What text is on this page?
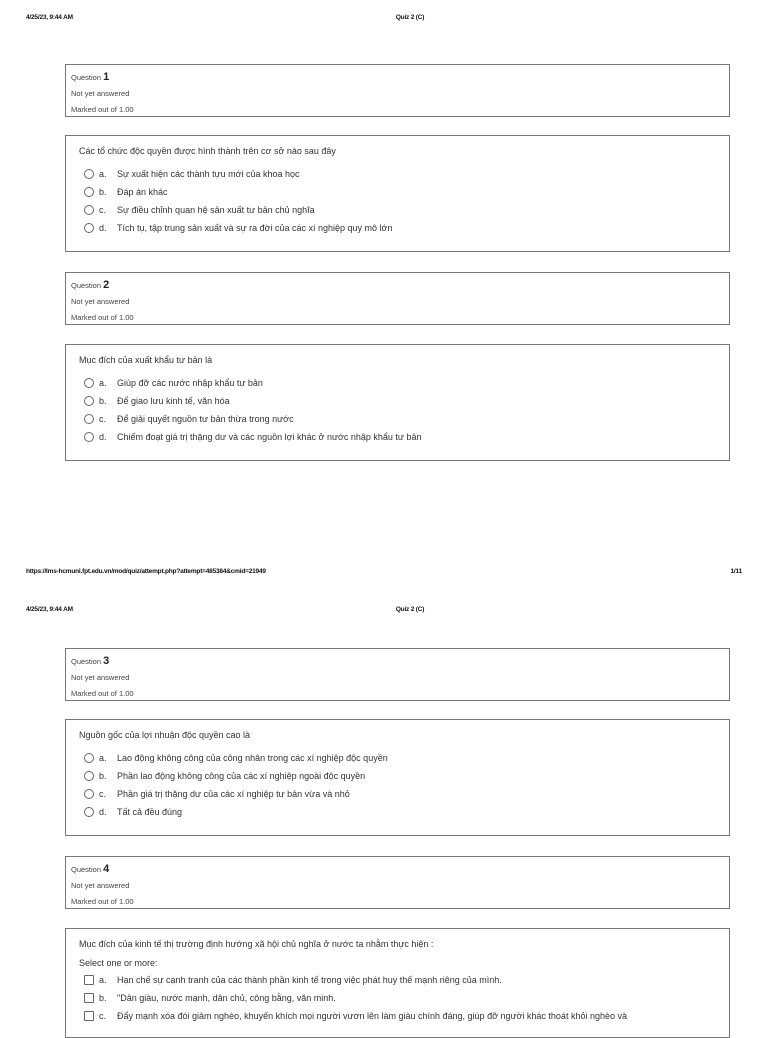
4/25/23, 9:44 AM	Quiz 2 (C)
Question 1
Not yet answered
Marked out of 1.00
Các tổ chức độc quyền được hình thành trên cơ sở nào sau đây
a. Sự xuất hiện các thành tựu mới của khoa học
b. Đáp án khác
c. Sự điều chỉnh quan hệ sản xuất tư bản chủ nghĩa
d. Tích tụ, tập trung sản xuất và sự ra đời của các xí nghiệp quy mô lớn
Question 2
Not yet answered
Marked out of 1.00
Mục đích của xuất khẩu tư bản là
a. Giúp đỡ các nước nhập khẩu tư bản
b. Để giao lưu kinh tế, văn hóa
c. Để giải quyết nguồn tư bản thừa trong nước
d. Chiếm đoạt giá trị thặng dư và các nguồn lợi khác ở nước nhập khẩu tư bản
https://lms-hcmuni.fpt.edu.vn/mod/quiz/attempt.php?attempt=485384&cmid=21949	1/11
4/25/23, 9:44 AM	Quiz 2 (C)
Question 3
Not yet answered
Marked out of 1.00
Nguồn gốc của lợi nhuận độc quyền cao là
a. Lao động không công của công nhân trong các xí nghiệp độc quyền
b. Phần lao động không công của các xí nghiệp ngoài độc quyền
c. Phần giá trị thặng dư của các xí nghiệp tư bản vừa và nhỏ
d. Tất cả đều đúng
Question 4
Not yet answered
Marked out of 1.00
Mục đích của kinh tế thị trường định hướng xã hội chủ nghĩa ở nước ta nhằm thực hiện :
Select one or more:
a. Hạn chế sự cạnh tranh của các thành phần kinh tế trong việc phát huy thế mạnh riêng của mình.
b. "Dân giàu, nước mạnh, dân chủ, công bằng, văn minh.
c. Đẩy mạnh xóa đói giảm nghèo, khuyến khích mọi người vươn lên làm giàu chính đáng, giúp đỡ người khác thoát khỏi nghèo và
